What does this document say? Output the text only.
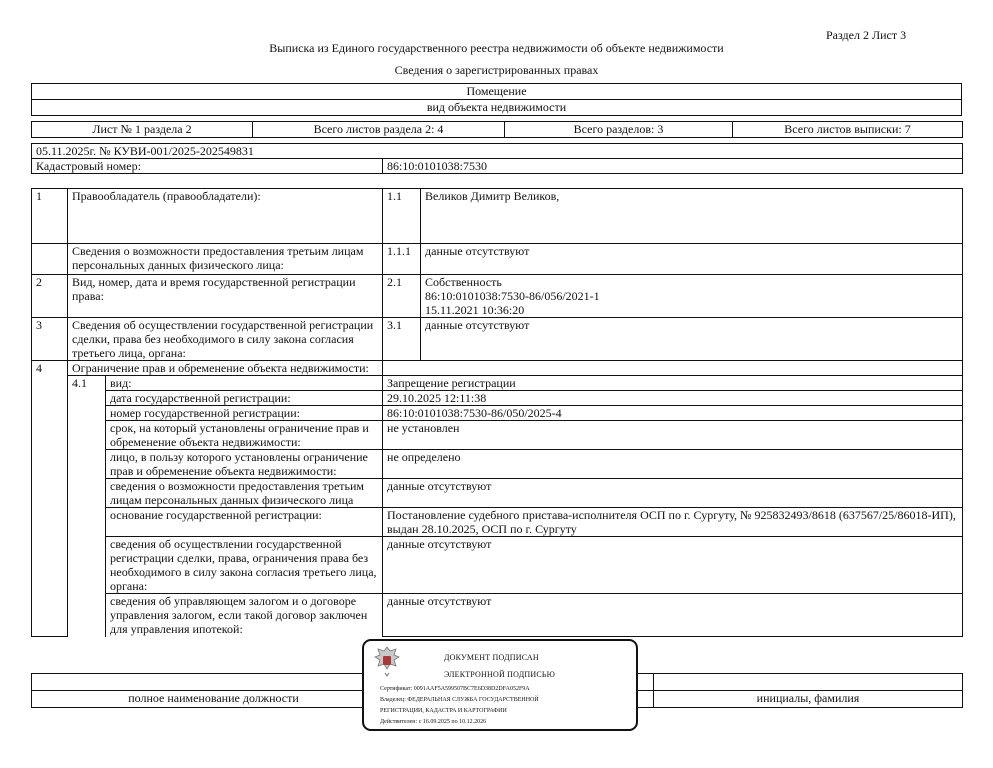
Раздел 2 Лист 3
Выписка из Единого государственного реестра недвижимости об объекте недвижимости
Сведения о зарегистрированных правах
Помещение
вид объекта недвижимости
Лист № 1 раздела 2	Всего листов раздела 2: 4	Всего разделов: 3	Всего листов выписки: 7
05.11.2025г. № КУВИ-001/2025-202549831
Кадастровый номер:	86:10:0101038:7530
1	Правообладатель (правообладатели):		1.1	Великов Димитр Великов,
	Сведения о возможности предоставления третьим лицам персональных данных физического лица:		1.1.1	данные отсутствуют
2	Вид, номер, дата и время государственной регистрации права:		2.1	Собственность
86:10:0101038:7530-86/056/2021-1
15.11.2021 10:36:20

3	Сведения об осуществлении государственной регистрации сделки, права без необходимого в силу закона согласия третьего лица, органа:		3.1	данные отсутствуют
4	Ограничение прав и обременение объекта недвижимости:			
	4.1	вид:	Запрещение регистрации	
		дата государственной регистрации:	29.10.2025 12:11:38	
		номер государственной регистрации:	86:10:0101038:7530-86/050/2025-4	
		срок, на который установлены ограничение прав и обременение объекта недвижимости:	не установлен	
		лицо, в пользу которого установлены ограничение прав и обременение объекта недвижимости:	не определено	
		сведения о возможности предоставления третьим лицам персональных данных физического лица	данные отсутствуют	
		основание государственной регистрации:	Постановление судебного пристава-исполнителя ОСП по г. Сургуту, № 925832493/8618 (637567/25/86018-ИП), выдан 28.10.2025, ОСП по г. Сургуту	
		сведения об осуществлении государственной регистрации сделки, права, ограничения права без необходимого в силу закона согласия третьего лица, органа:	данные отсутствуют	
		сведения об управляющем залогом и о договоре управления залогом, если такой договор заключен для управления ипотекой:	данные отсутствуют	

полное наименование должности		инициалы, фамилия
ДОКУМЕНТ ПОДПИСАН
ЭЛЕКТРОННОЙ ПОДПИСЬЮ
Сертификат: 0091AAF5A599507BC7E6D38D2DFA052F9A
Владелец: ФЕДЕРАЛЬНАЯ СЛУЖБА ГОСУДАРСТВЕННОЙ
РЕГИСТРАЦИИ, КАДАСТРА И КАРТОГРАФИИ
Действителен: с 16.09.2025 по 10.12.2026
